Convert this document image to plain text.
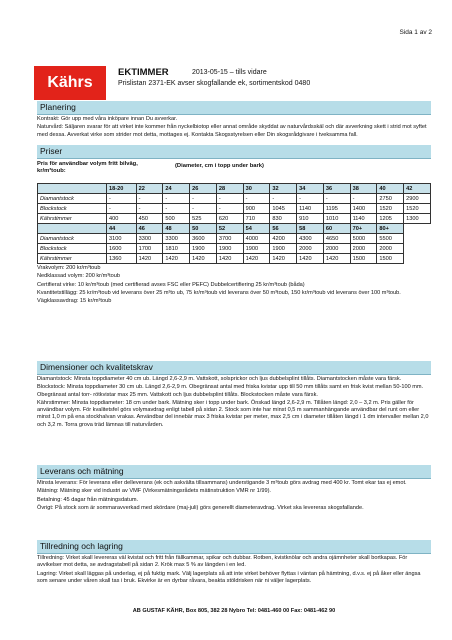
Sida 1 av 2
Kährs
EKTIMMER	2013-05-15 – tills vidare
Prislistan 2371-EK avser skogfallande ek, sortimentskod 0480
Planering

Kontrakt: Gör upp med våra inköpare innan Du avverkar.

Naturvård: Säljaren svarar för att virket inte kommer från nyckelbiotop eller annat område skyddat av naturvårdsskäl och där avverkning skett i strid mot syftet med dessa. Avverkat virke som strider mot detta, mottages ej. Kontakta Skogsstyrelsen eller Din skogsrådgivare i tveksamma fall.

Priser
Pris för användbar volym fritt bilväg, kr/m³toub:
(Diameter, cm i topp under bark)
	18-20	22	24	26	28	30	32	34	36	38	40	42
Diamantstock	-	-	-	-	-	-	-	-	-	-	2750	2900
Blockstock	-	-	-	-	-	900	1045	1140	1195	1400	1520	1520
Kährstimmer	400	450	500	525	620	710	830	910	1010	1140	1205	1300
	44	46	48	50	52	54	56	58	60	70+	80+	
Diamantstock	3100	3300	3300	3600	3700	4000	4200	4300	4650	5000	5500	
Blockstock	1600	1700	1810	1900	1900	1900	1900	2000	2000	2000	2000	
Kährstimmer	1360	1420	1420	1420	1420	1420	1420	1420	1420	1500	1500	

Vrakvolym: 200 kr/m³toub

Nedklassad volym: 200 kr/m³toub

Certifierat virke: 10 kr/m³toub (med certifierad avses FSC eller PEFC) Dubbelcertifiering 25 kr/m³toub (båda)

Kvantitetstillägg: 25 kr/m³toub vid leverans över 25 m³to ub, 75 kr/m³toub vid leverans över 50 m³toub, 150 kr/m³toub vid leverans över 100 m³toub.

Vägklassavdrag: 15 kr/m³toub

Dimensioner och kvalitetskrav

Diamantstock: Minsta toppdiameter 40 cm ub. Längd 2,6-2,9 m. Vattskott, solsprickor och ljus dubbelsplint tillåts. Diamantstocken måste vara färsk.

Blockstock: Minsta toppdiameter 30 cm ub. Längd 2,6-2,9 m. Obegränsat antal med friska kvistar upp till 50 mm tillåts samt en frisk kvist mellan 50-100 mm. Obegränsat antal torr- rötkvistar max 25 mm. Vattskott och ljus dubbelsplint tillåts. Blockstocken måste vara färsk.

Kährstimmer: Minsta toppdiameter: 18 cm under bark. Mätning sker i topp under bark. Önskad längd 2,6-2,9 m. Tillåten längd: 2,0 – 3,2 m. Pris gäller för användbar volym. För kvalitetsfel görs volymavdrag enligt tabell på sidan 2. Stock som inte har minst 0,5 m sammanhängande användbar del runt om eller minst 1,0 m på ena stockhalvan vrakas. Användbar del innebär max 3 friska kvistar per meter, max 2,5 cm i diameter tillåten längd i 1 dm intervaller mellan 2,0 och 3,2 m. Torra grova träd lämnas till naturvården.

Leverans och mätning

Minsta leverans: För leverans eller delleverans (ek och askvälta tillsammans) understigande 3 m³toub görs avdrag med 400 kr. Tomt ekar tas ej emot.

Mätning: Mätning sker vid industri av VMF (Virkesmätningsrådets mätinstruktion VMR nr 1/99).

Betalning: 45 dagar från mätningsdatum.

Övrigt: På stock som är sommaravverkad med skördare (maj-juli) görs generellt diameteravdrag. Virket ska levereras skogsfallande.

Tillredning och lagring

Tillredning: Virket skall levereras väl kvistat och fritt från fällkammar, spikar och dubbar. Rotben, kvistknölar och andra ojämnheter skall bortkapas. För avvikelser mot detta, se avdragstabell på sidan 2. Krök max 5 % av längden i en led.

Lagring: Virket skall läggas på underlag, ej på fuktig mark. Välj lagerplats så att inte virket behöver flyttas i väntan på hämtning, d.v.s. ej på åker eller ängsa som senare under våren skall tas i bruk. Ekvirke är en dyrbar råvara, beakta stöldrisken när ni väljer lagerplats.

AB GUSTAF KÄHR, Box 805, 382 28 Nybro Tel: 0481-460 00 Fax: 0481-462 90
